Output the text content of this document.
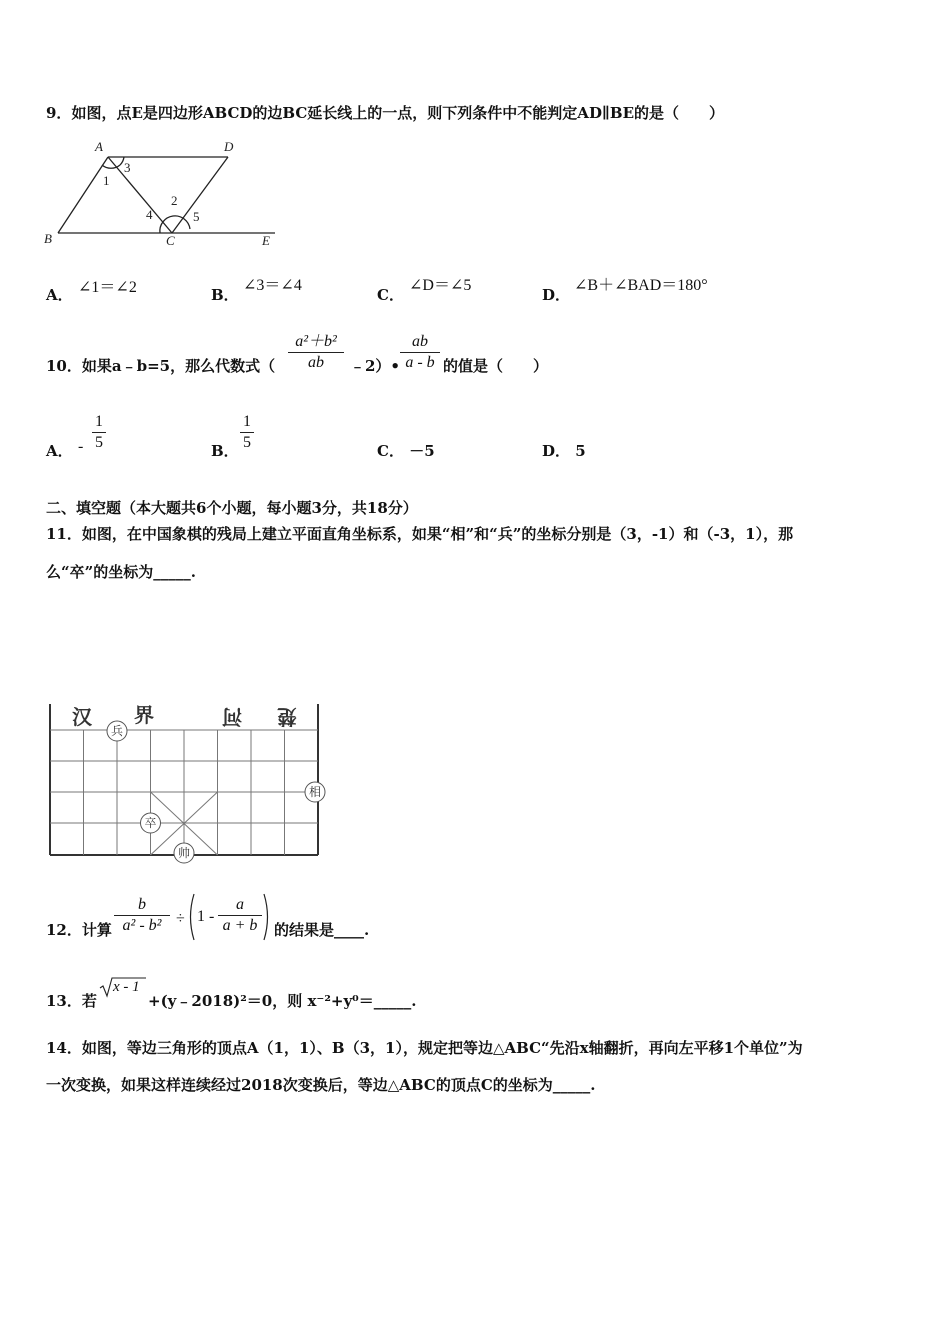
9．如图，点E是四边形ABCD的边BC延长线上的一点，则下列条件中不能判定AD∥BE的是（　　）
A	D
B	C	E
1
2
3
4	5
A． ∠1＝∠2	B．
∠3＝∠4
C．
∠D＝∠5
D．
∠B＋∠BAD＝180°
10．如果a﹣b=5，那么代数式（
a²＋b²
ab	﹣2）•
ab
a - b 的值是（　　）
A． -
1
5	B．
1
5	C． －5	D． 5
二、填空题（本大题共6个小题，每小题3分，共18分）
11．如图，在中国象棋的残局上建立平面直角坐标系，如果“相”和“兵”的坐标分别是（3，-1）和（-3，1），那
么“卒”的坐标为_____.
汉 界	河 楚
兵
相
卒
帅
12．计算
b
a² - b² ÷ 1 -
a
a + b	的结果是____.
13．若
x - 1
+(y﹣2018)²＝0，则 x⁻²+y⁰＝_____.
14．如图，等边三角形的顶点A（1，1）、B（3，1），规定把等边△ABC“先沿x轴翻折，再向左平移1个单位”为
一次变换，如果这样连续经过2018次变换后，等边△ABC的顶点C的坐标为_____.
